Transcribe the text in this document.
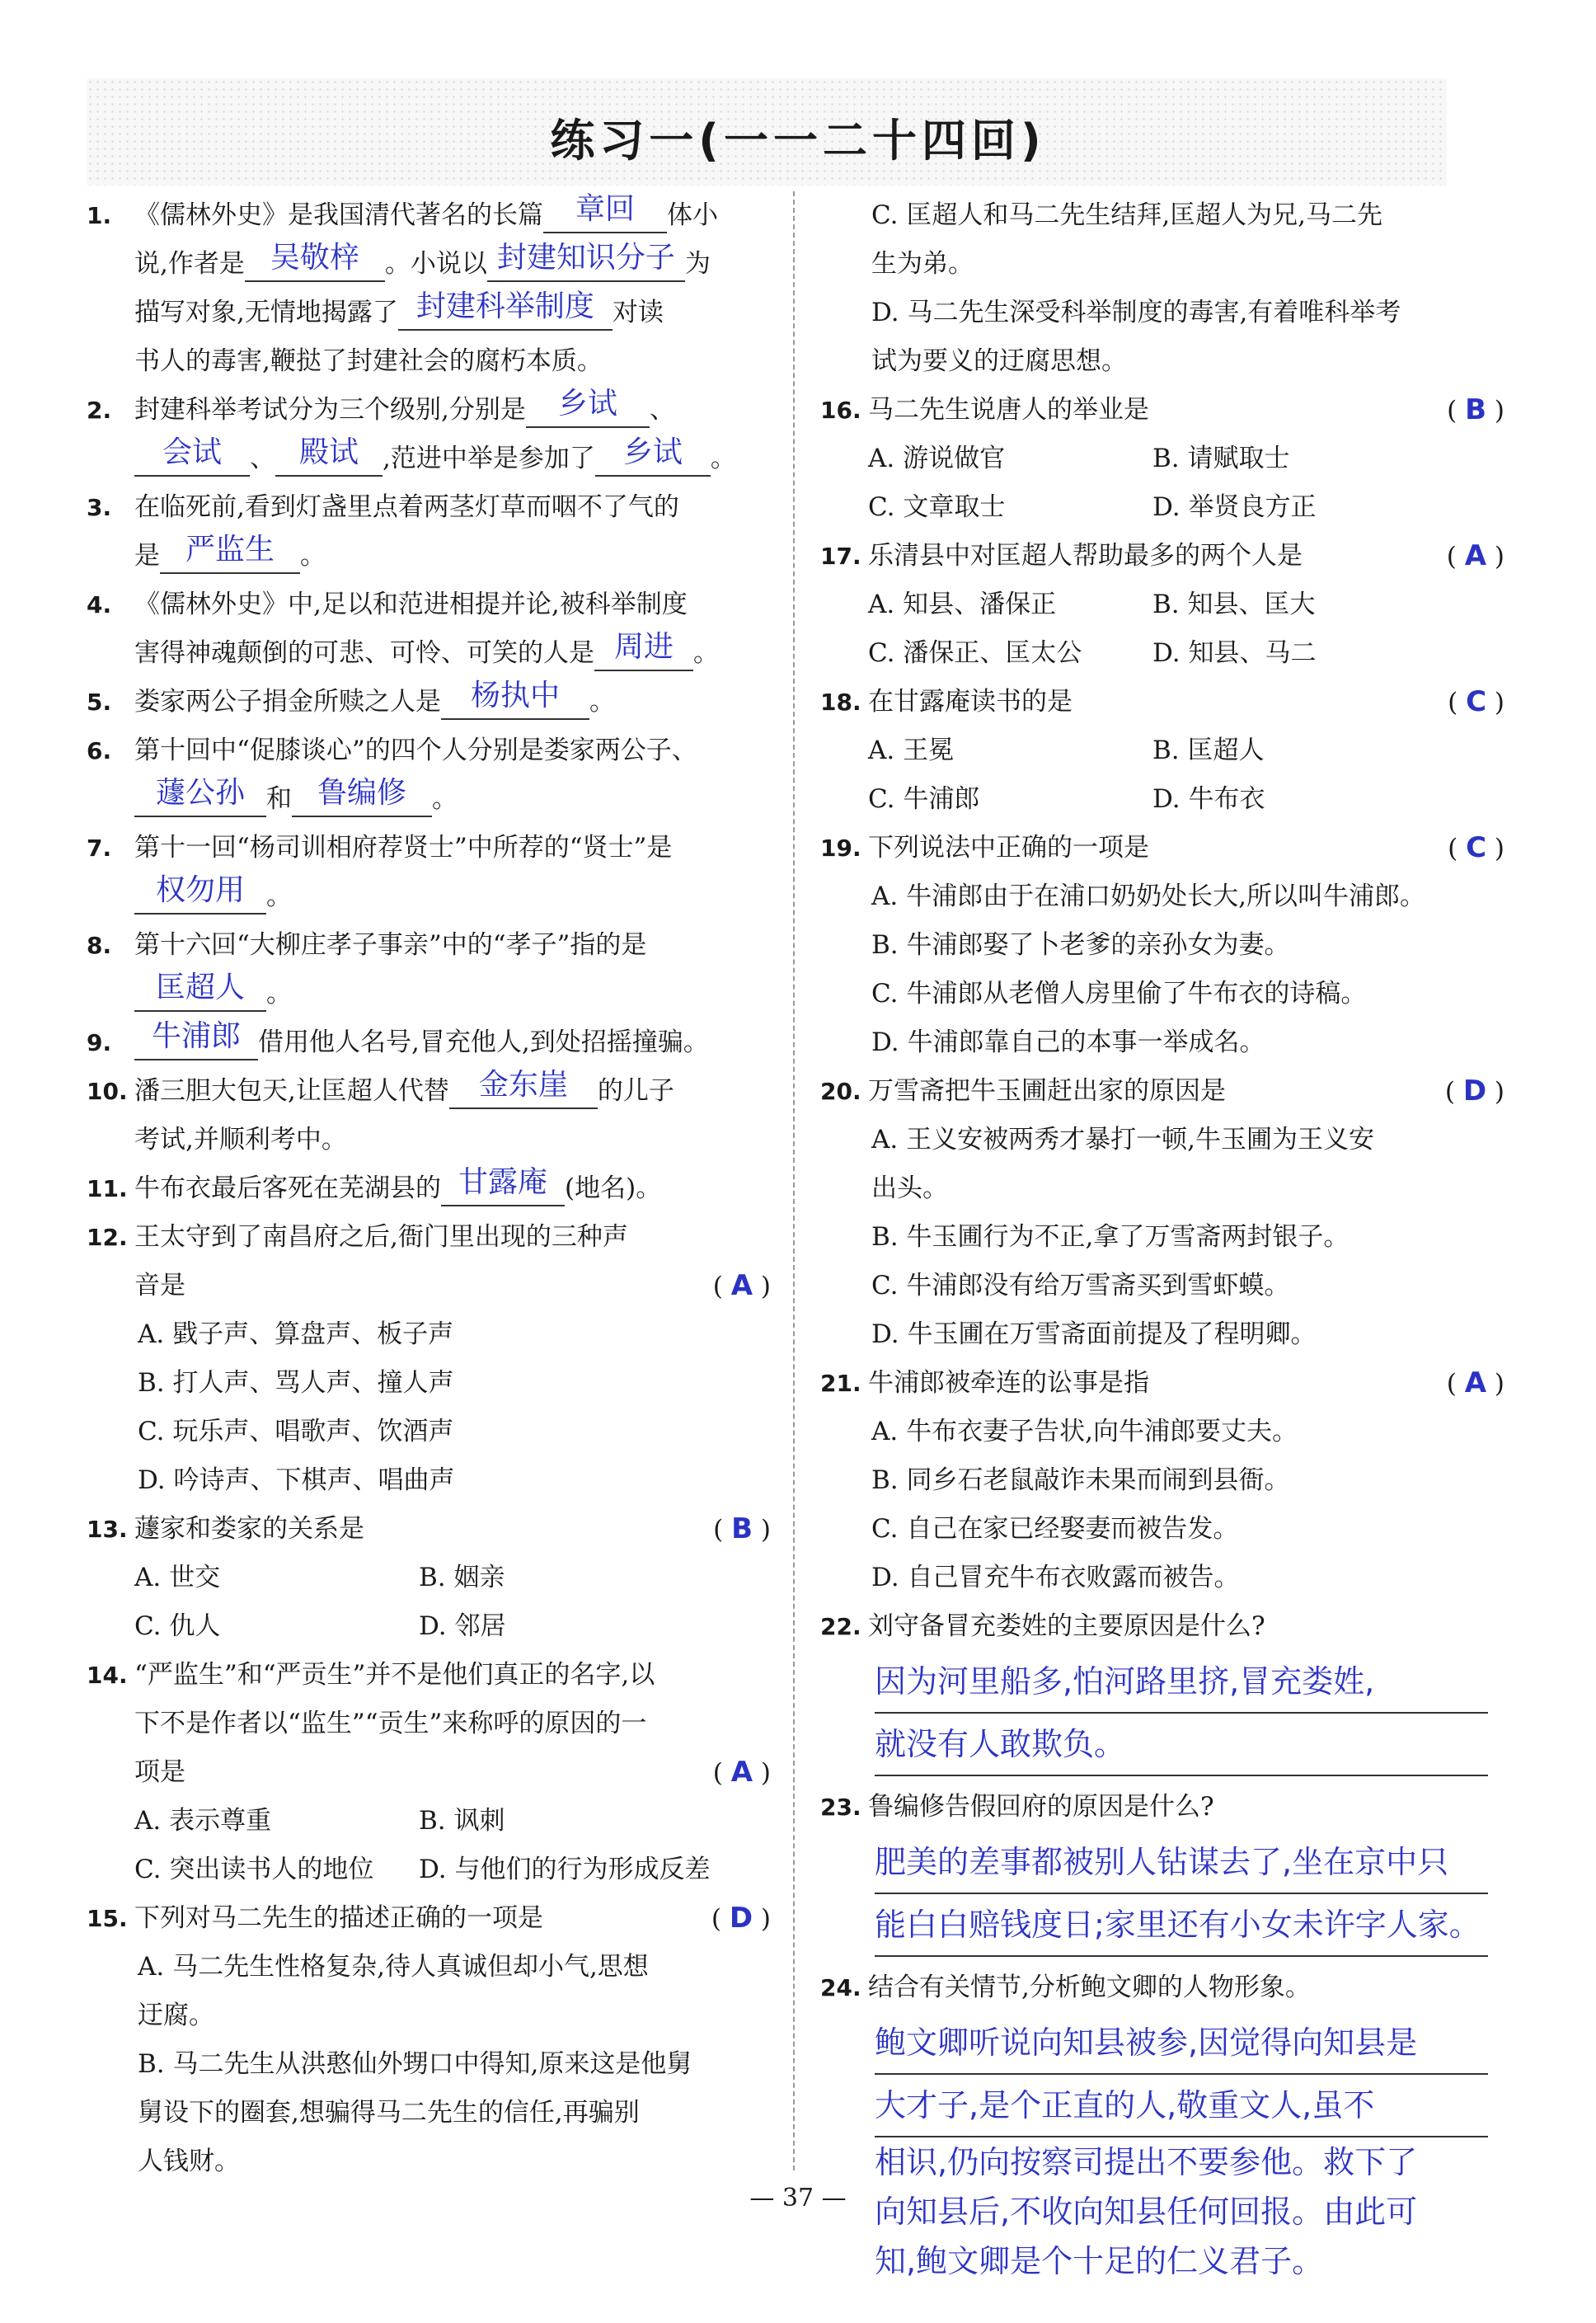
练习一(一一二十四回)
1. 《儒林外史》是我国清代著名的长篇 章回 体小
说,作者是 吴敬梓 。小说以 封建知识分子 为
描写对象,无情地揭露了 封建科举制度 对读
书人的毒害,鞭挞了封建社会的腐朽本质。
2. 封建科举考试分为三个级别,分别是 乡试 、
会试 、 殿试 ,范进中举是参加了 乡试 。
3. 在临死前,看到灯盏里点着两茎灯草而咽不了气的
是 严监生 。
4. 《儒林外史》中,足以和范进相提并论,被科举制度
害得神魂颠倒的可悲、可怜、可笑的人是 周进 。
5. 娄家两公子捐金所赎之人是 杨执中 。
6. 第十回中“促膝谈心”的四个人分别是娄家两公子、
蘧公孙 和 鲁编修 。
7. 第十一回“杨司训相府荐贤士”中所荐的“贤士”是
权勿用 。
8. 第十六回“大柳庄孝子事亲”中的“孝子”指的是
匡超人 。
9.	牛浦郎 借用他人名号,冒充他人,到处招摇撞骗。
10. 潘三胆大包天,让匡超人代替 金东崖 的儿子
考试,并顺利考中。
11. 牛布衣最后客死在芜湖县的 甘露庵 (地名)。
12. 王太守到了南昌府之后,衙门里出现的三种声
音是	( A )
A. 戥子声、算盘声、板子声
B. 打人声、骂人声、撞人声
C. 玩乐声、唱歌声、饮酒声
D. 吟诗声、下棋声、唱曲声
13. 蘧家和娄家的关系是	( B )
A. 世交	B. 姻亲
C. 仇人	D. 邻居
14. “严监生”和“严贡生”并不是他们真正的名字,以
下不是作者以“监生”“贡生”来称呼的原因的一
项是	( A )
A. 表示尊重	B. 讽刺
C. 突出读书人的地位	D. 与他们的行为形成反差
15. 下列对马二先生的描述正确的一项是	( D )
A. 马二先生性格复杂,待人真诚但却小气,思想
迂腐。
B. 马二先生从洪憨仙外甥口中得知,原来这是他舅
舅设下的圈套,想骗得马二先生的信任,再骗别
人钱财。
C. 匡超人和马二先生结拜,匡超人为兄,马二先
生为弟。
D. 马二先生深受科举制度的毒害,有着唯科举考
试为要义的迂腐思想。
16. 马二先生说唐人的举业是	( B )
A. 游说做官	B. 请赋取士
C. 文章取士	D. 举贤良方正
17. 乐清县中对匡超人帮助最多的两个人是	( A )
A. 知县、潘保正	B. 知县、匡大
C. 潘保正、匡太公	D. 知县、马二
18. 在甘露庵读书的是	( C )
A. 王冕	B. 匡超人
C. 牛浦郎	D. 牛布衣
19. 下列说法中正确的一项是	( C )
A. 牛浦郎由于在浦口奶奶处长大,所以叫牛浦郎。
B. 牛浦郎娶了卜老爹的亲孙女为妻。
C. 牛浦郎从老僧人房里偷了牛布衣的诗稿。
D. 牛浦郎靠自己的本事一举成名。
20. 万雪斋把牛玉圃赶出家的原因是	( D )
A. 王义安被两秀才暴打一顿,牛玉圃为王义安
出头。
B. 牛玉圃行为不正,拿了万雪斋两封银子。
C. 牛浦郎没有给万雪斋买到雪虾蟆。
D. 牛玉圃在万雪斋面前提及了程明卿。
21. 牛浦郎被牵连的讼事是指	( A )
A. 牛布衣妻子告状,向牛浦郎要丈夫。
B. 同乡石老鼠敲诈未果而闹到县衙。
C. 自己在家已经娶妻而被告发。
D. 自己冒充牛布衣败露而被告。
22. 刘守备冒充娄姓的主要原因是什么?
因为河里船多,怕河路里挤,冒充娄姓,
就没有人敢欺负。
23. 鲁编修告假回府的原因是什么?
肥美的差事都被别人钻谋去了,坐在京中只
能白白赔钱度日;家里还有小女未许字人家。
24. 结合有关情节,分析鲍文卿的人物形象。
鲍文卿听说向知县被参,因觉得向知县是
大才子,是个正直的人,敬重文人,虽不
相识,仍向按察司提出不要参他。救下了
向知县后,不收向知县任何回报。由此可
知,鲍文卿是个十足的仁义君子。
— 37 —
